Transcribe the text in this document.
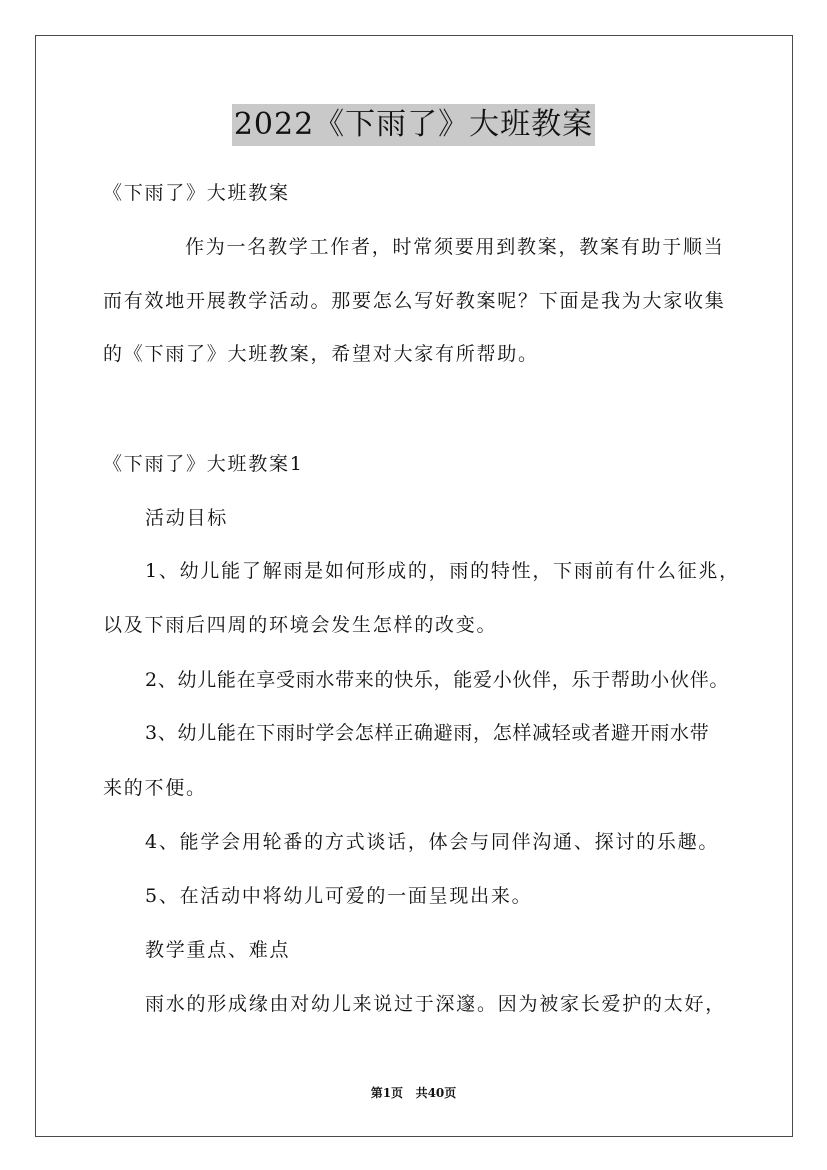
2022《下雨了》大班教案
《下雨了》大班教案
作为一名教学工作者，时常须要用到教案，教案有助于顺当
而有效地开展教学活动。那要怎么写好教案呢？下面是我为大家收集
的《下雨了》大班教案，希望对大家有所帮助。
《下雨了》大班教案1
活动目标
1、幼儿能了解雨是如何形成的，雨的特性，下雨前有什么征兆，
以及下雨后四周的环境会发生怎样的改变。
2、幼儿能在享受雨水带来的快乐，能爱小伙伴，乐于帮助小伙伴。
3、幼儿能在下雨时学会怎样正确避雨，怎样减轻或者避开雨水带
来的不便。
4、能学会用轮番的方式谈话，体会与同伴沟通、探讨的乐趣。
5、在活动中将幼儿可爱的一面呈现出来。
教学重点、难点
雨水的形成缘由对幼儿来说过于深邃。因为被家长爱护的太好，
第1页   共40页
